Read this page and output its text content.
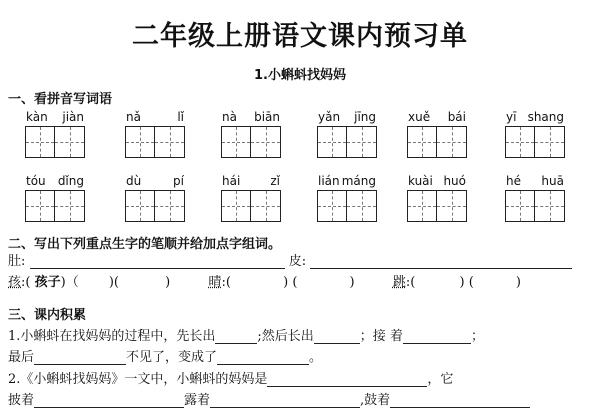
二年级上册语文课内预习单
1.小蝌蚪找妈妈
一、看拼音写词语
kàn jiàn	nǎ	lǐ	nà biān	yǎn jīng	xuě bái	yī shang
tóu dǐng	dù	pí	hái	zǐ	lián máng	kuài huó	hé huā
二、写出下列重点生字的笔顺并给加点字组词。
肚:	皮:
孩:( 孩子)（ )(	)	晴:(	) (	)	跳:(	) (	)
三、课内积累
1.小蝌蚪在找妈妈的过程中，先长出	;然后长出	；接 着	；
最后	不见了，变成了	。
2.《小蝌蚪找妈妈》一文中，小蝌蚪的妈妈是	，它
披着	露着	,鼓着
